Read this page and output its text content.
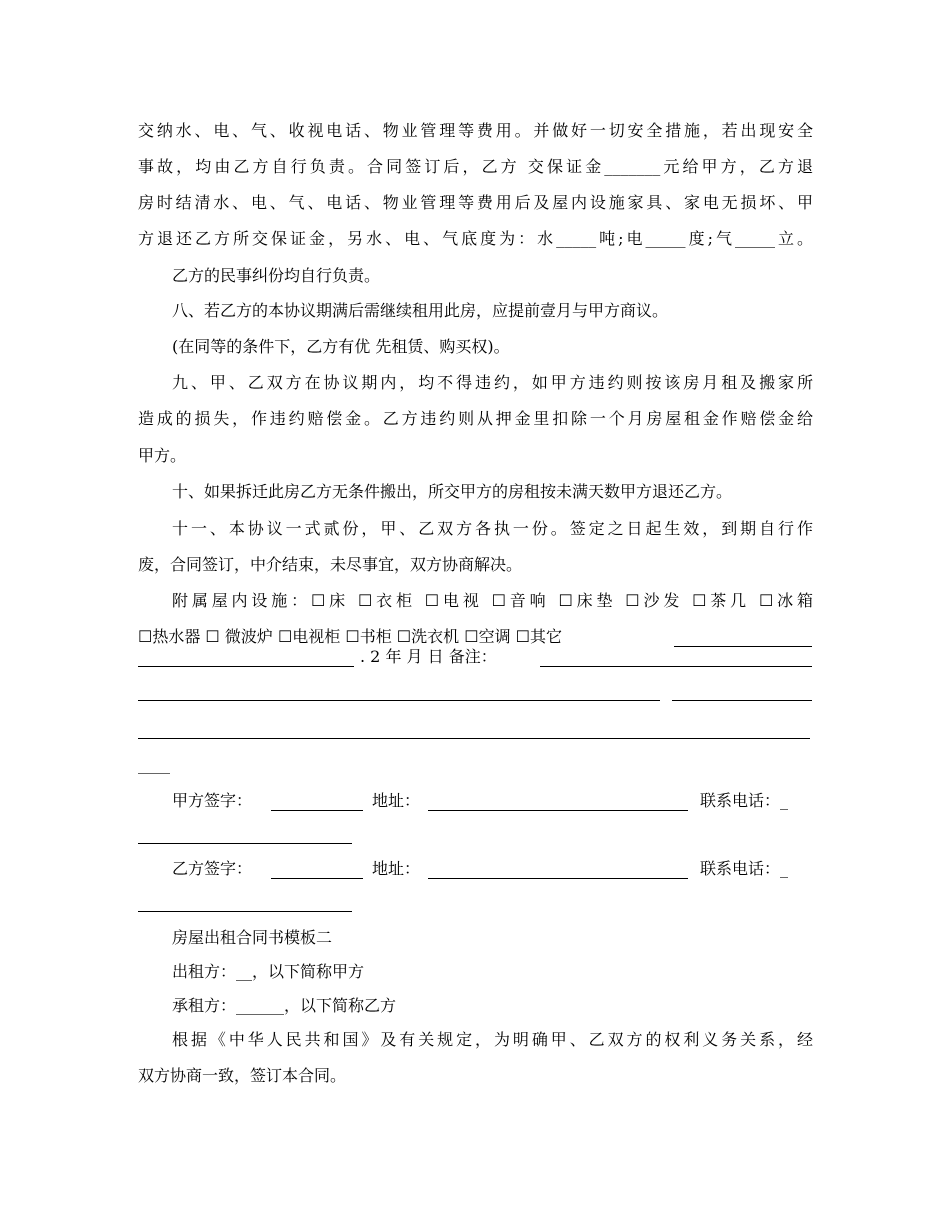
交纳水、电、气、收视电话、物业管理等费用。并做好一切安全措施，若出现安全
事故，均由乙方自行负责。合同签订后，乙方 交保证金_______元给甲方，乙方退
房时结清水、电、气、电话、物业管理等费用后及屋内设施家具、家电无损坏、甲
方退还乙方所交保证金，另水、电、气底度为：水_____吨;电_____度;气_____立。
乙方的民事纠份均自行负责。
八、若乙方的本协议期满后需继续租用此房，应提前壹月与甲方商议。
(在同等的条件下，乙方有优 先租赁、购买权)。
九、甲、乙双方在协议期内，均不得违约，如甲方违约则按该房月租及搬家所
造成的损失，作违约赔偿金。乙方违约则从押金里扣除一个月房屋租金作赔偿金给
甲方。
十、如果拆迁此房乙方无条件搬出，所交甲方的房租按未满天数甲方退还乙方。
十一、本协议一式贰份，甲、乙双方各执一份。签定之日起生效，到期自行作
废，合同签订，中介结束，未尽事宜，双方协商解决。
附属屋内设施：☐床 ☐衣柜 ☐电视 ☐音响 ☐床垫 ☐沙发 ☐茶几 ☐冰箱
☐热水器 ☐ 微波炉 ☐电视柜 ☐书柜 ☐洗衣机 ☐空调 ☐其它
. 2 年 月 日 备注：
____
甲方签字：	地址：	联系电话：_
乙方签字：	地址：	联系电话：_
房屋出租合同书模板二
出租方：__，以下简称甲方
承租方：______，以下简称乙方
根据《中华人民共和国》及有关规定，为明确甲、乙双方的权利义务关系，经
双方协商一致，签订本合同。
